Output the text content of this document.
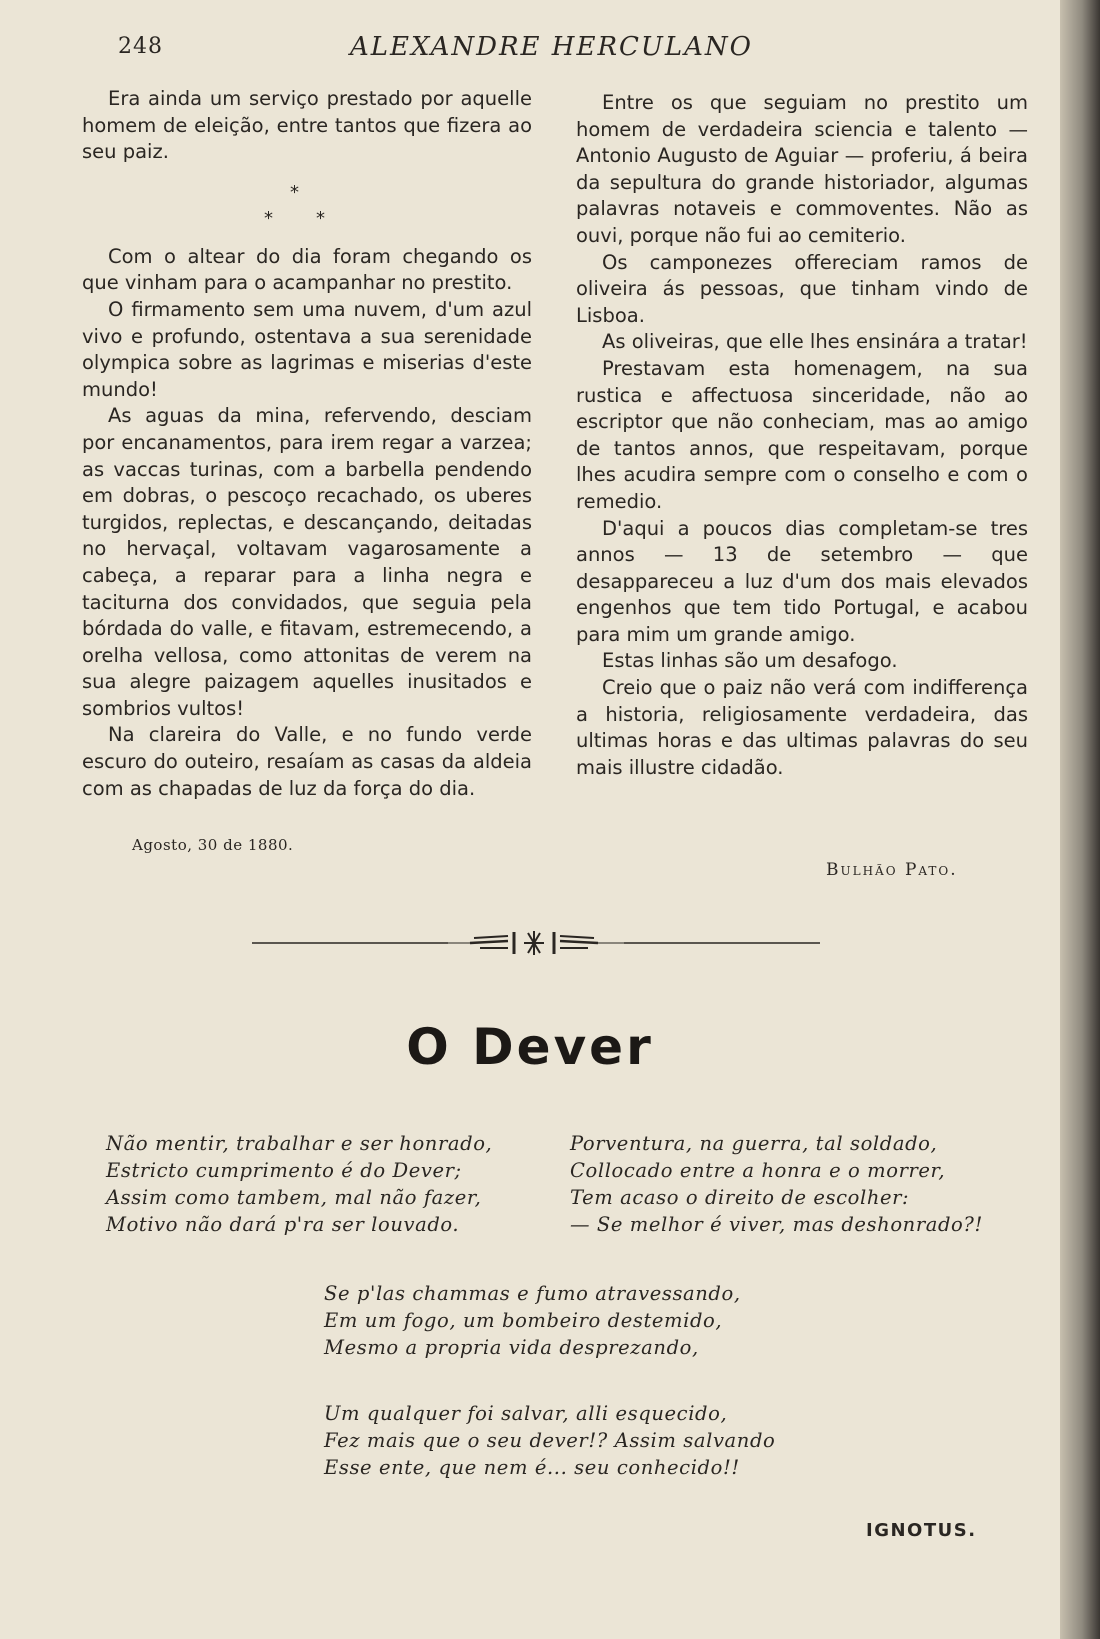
248	ALEXANDRE HERCULANO

Era ainda um serviço prestado por aquelle homem de eleição, entre tantos que fizera ao seu paiz.

*
* *

Com o altear do dia foram chegando os que vinham para o acampanhar no prestito.

O firmamento sem uma nuvem, d'um azul vivo e profundo, ostentava a sua serenidade olympica sobre as lagrimas e miserias d'este mundo!

As aguas da mina, refervendo, desciam por encanamentos, para irem regar a varzea; as vaccas turinas, com a barbella pendendo em dobras, o pescoço recachado, os uberes turgidos, replectas, e descançando, deitadas no hervaçal, voltavam vagarosamente a cabeça, a reparar para a linha negra e taciturna dos convidados, que seguia pela bórdada do valle, e fitavam, estremecendo, a orelha vellosa, como attonitas de verem na sua alegre paizagem aquelles inusitados e sombrios vultos!

Na clareira do Valle, e no fundo verde escuro do outeiro, resaíam as casas da aldeia com as chapadas de luz da força do dia.

Entre os que seguiam no prestito um homem de verdadeira sciencia e talento — Antonio Augusto de Aguiar — proferiu, á beira da sepultura do grande historiador, algumas palavras notaveis e commoventes. Não as ouvi, porque não fui ao cemiterio.

Os camponezes offereciam ramos de oliveira ás pessoas, que tinham vindo de Lisboa.

As oliveiras, que elle lhes ensinára a tratar!

Prestavam esta homenagem, na sua rustica e affectuosa sinceridade, não ao escriptor que não conheciam, mas ao amigo de tantos annos, que respeitavam, porque lhes acudira sempre com o conselho e com o remedio.

D'aqui a poucos dias completam-se tres annos — 13 de setembro — que desappareceu a luz d'um dos mais elevados engenhos que tem tido Portugal, e acabou para mim um grande amigo.

Estas linhas são um desafogo.

Creio que o paiz não verá com indifferença a historia, religiosamente verdadeira, das ultimas horas e das ultimas palavras do seu mais illustre cidadão.

Agosto, 30 de 1880.
Bulhão Pato.
O Dever
Não mentir, trabalhar e ser honrado,
Estricto cumprimento é do Dever;
Assim como tambem, mal não fazer,
Motivo não dará p'ra ser louvado.
Porventura, na guerra, tal soldado,
Collocado entre a honra e o morrer,
Tem acaso o direito de escolher:
— Se melhor é viver, mas deshonrado?!
Se p'las chammas e fumo atravessando,
Em um fogo, um bombeiro destemido,
Mesmo a propria vida desprezando,
Um qualquer foi salvar, alli esquecido,
Fez mais que o seu dever!? Assim salvando
Esse ente, que nem é... seu conhecido!!
IGNOTUS.
